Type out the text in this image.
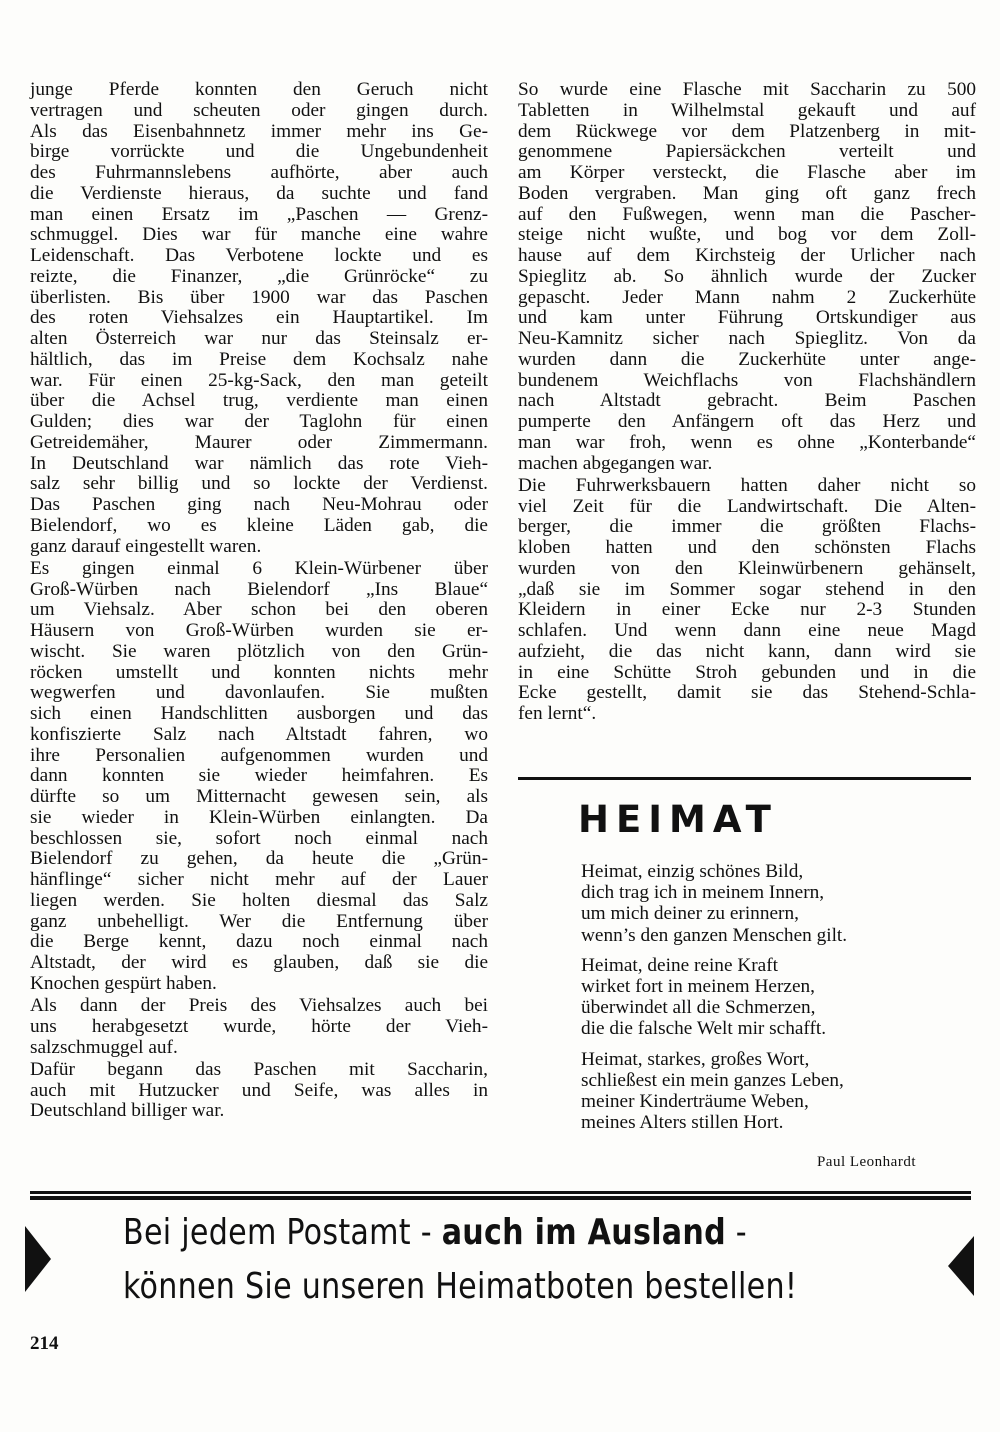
junge Pferde konnten den Geruch nicht
vertragen und scheuten oder gingen durch.
Als das Eisenbahnnetz immer mehr ins Ge-
birge vorrückte und die Ungebundenheit
des Fuhrmannslebens aufhörte, aber auch
die Verdienste hieraus, da suchte und fand
man einen Ersatz im „Paschen — Grenz-
schmuggel. Dies war für manche eine wahre
Leidenschaft. Das Verbotene lockte und es
reizte, die Finanzer, „die Grünröcke“ zu
überlisten. Bis über 1900 war das Paschen
des roten Viehsalzes ein Hauptartikel. Im
alten Österreich war nur das Steinsalz er-
hältlich, das im Preise dem Kochsalz nahe
war. Für einen 25-kg-Sack, den man geteilt
über die Achsel trug, verdiente man einen
Gulden; dies war der Taglohn für einen
Getreidemäher, Maurer oder Zimmermann.
In Deutschland war nämlich das rote Vieh-
salz sehr billig und so lockte der Verdienst.
Das Paschen ging nach Neu-Mohrau oder
Bielendorf, wo es kleine Läden gab, die
ganz darauf eingestellt waren.
Es gingen einmal 6 Klein-Würbener über
Groß-Würben nach Bielendorf „Ins Blaue“
um Viehsalz. Aber schon bei den oberen
Häusern von Groß-Würben wurden sie er-
wischt. Sie waren plötzlich von den Grün-
röcken umstellt und konnten nichts mehr
wegwerfen und davonlaufen. Sie mußten
sich einen Handschlitten ausborgen und das
konfiszierte Salz nach Altstadt fahren, wo
ihre Personalien aufgenommen wurden und
dann konnten sie wieder heimfahren. Es
dürfte so um Mitternacht gewesen sein, als
sie wieder in Klein-Würben einlangten. Da
beschlossen sie, sofort noch einmal nach
Bielendorf zu gehen, da heute die „Grün-
hänflinge“ sicher nicht mehr auf der Lauer
liegen werden. Sie holten diesmal das Salz
ganz unbehelligt. Wer die Entfernung über
die Berge kennt, dazu noch einmal nach
Altstadt, der wird es glauben, daß sie die
Knochen gespürt haben.
Als dann der Preis des Viehsalzes auch bei
uns herabgesetzt wurde, hörte der Vieh-
salzschmuggel auf.
Dafür begann das Paschen mit Saccharin,
auch mit Hutzucker und Seife, was alles in
Deutschland billiger war.
So wurde eine Flasche mit Saccharin zu 500
Tabletten in Wilhelmstal gekauft und auf
dem Rückwege vor dem Platzenberg in mit-
genommene Papiersäckchen verteilt und
am Körper versteckt, die Flasche aber im
Boden vergraben. Man ging oft ganz frech
auf den Fußwegen, wenn man die Pascher-
steige nicht wußte, und bog vor dem Zoll-
hause auf dem Kirchsteig der Urlicher nach
Spieglitz ab. So ähnlich wurde der Zucker
gepascht. Jeder Mann nahm 2 Zuckerhüte
und kam unter Führung Ortskundiger aus
Neu-Kamnitz sicher nach Spieglitz. Von da
wurden dann die Zuckerhüte unter ange-
bundenem Weichflachs von Flachshändlern
nach Altstadt gebracht. Beim Paschen
pumperte den Anfängern oft das Herz und
man war froh, wenn es ohne „Konterbande“
machen abgegangen war.
Die Fuhrwerksbauern hatten daher nicht so
viel Zeit für die Landwirtschaft. Die Alten-
berger, die immer die größten Flachs-
kloben hatten und den schönsten Flachs
wurden von den Kleinwürbenern gehänselt,
„daß sie im Sommer sogar stehend in den
Kleidern in einer Ecke nur 2-3 Stunden
schlafen. Und wenn dann eine neue Magd
aufzieht, die das nicht kann, dann wird sie
in eine Schütte Stroh gebunden und in die
Ecke gestellt, damit sie das Stehend-Schla-
fen lernt“.
HEIMAT
Heimat, einzig schönes Bild,
dich trag ich in meinem Innern,
um mich deiner zu erinnern,
wenn’s den ganzen Menschen gilt.
Heimat, deine reine Kraft
wirket fort in meinem Herzen,
überwindet all die Schmerzen,
die die falsche Welt mir schafft.
Heimat, starkes, großes Wort,
schließest ein mein ganzes Leben,
meiner Kinderträume Weben,
meines Alters stillen Hort.
Paul Leonhardt
Bei jedem Postamt - auch im Ausland -
können Sie unseren Heimatboten bestellen!
214
